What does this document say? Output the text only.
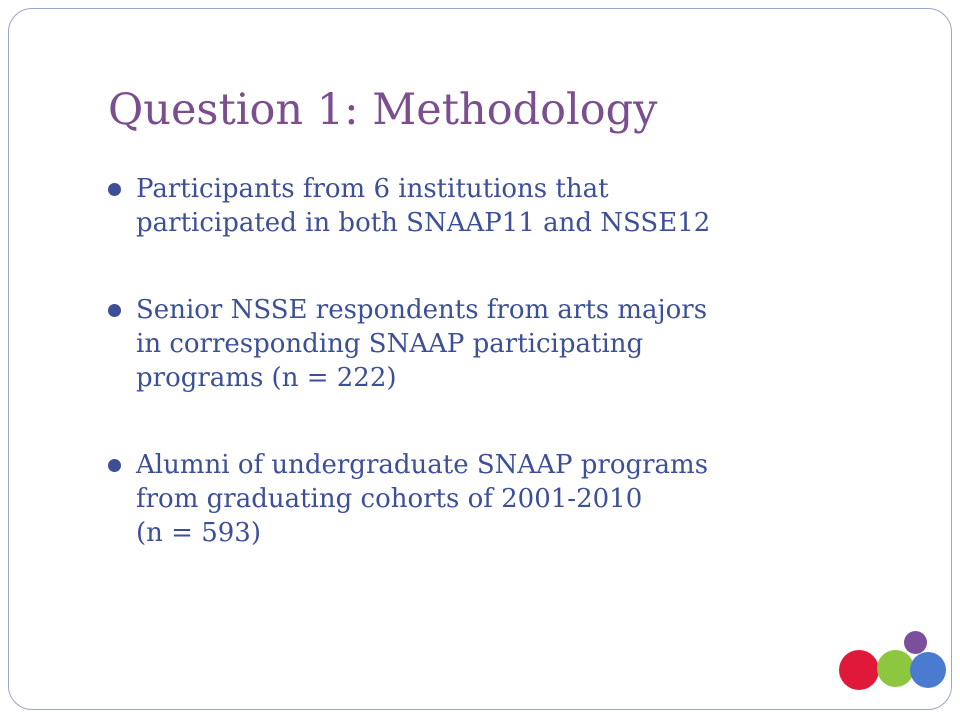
Question 1: Methodology
Participants from 6 institutions that
participated in both SNAAP11 and NSSE12
Senior NSSE respondents from arts majors
in corresponding SNAAP participating
programs (n = 222)
Alumni of undergraduate SNAAP programs
from graduating cohorts of 2001-2010
(n = 593)
